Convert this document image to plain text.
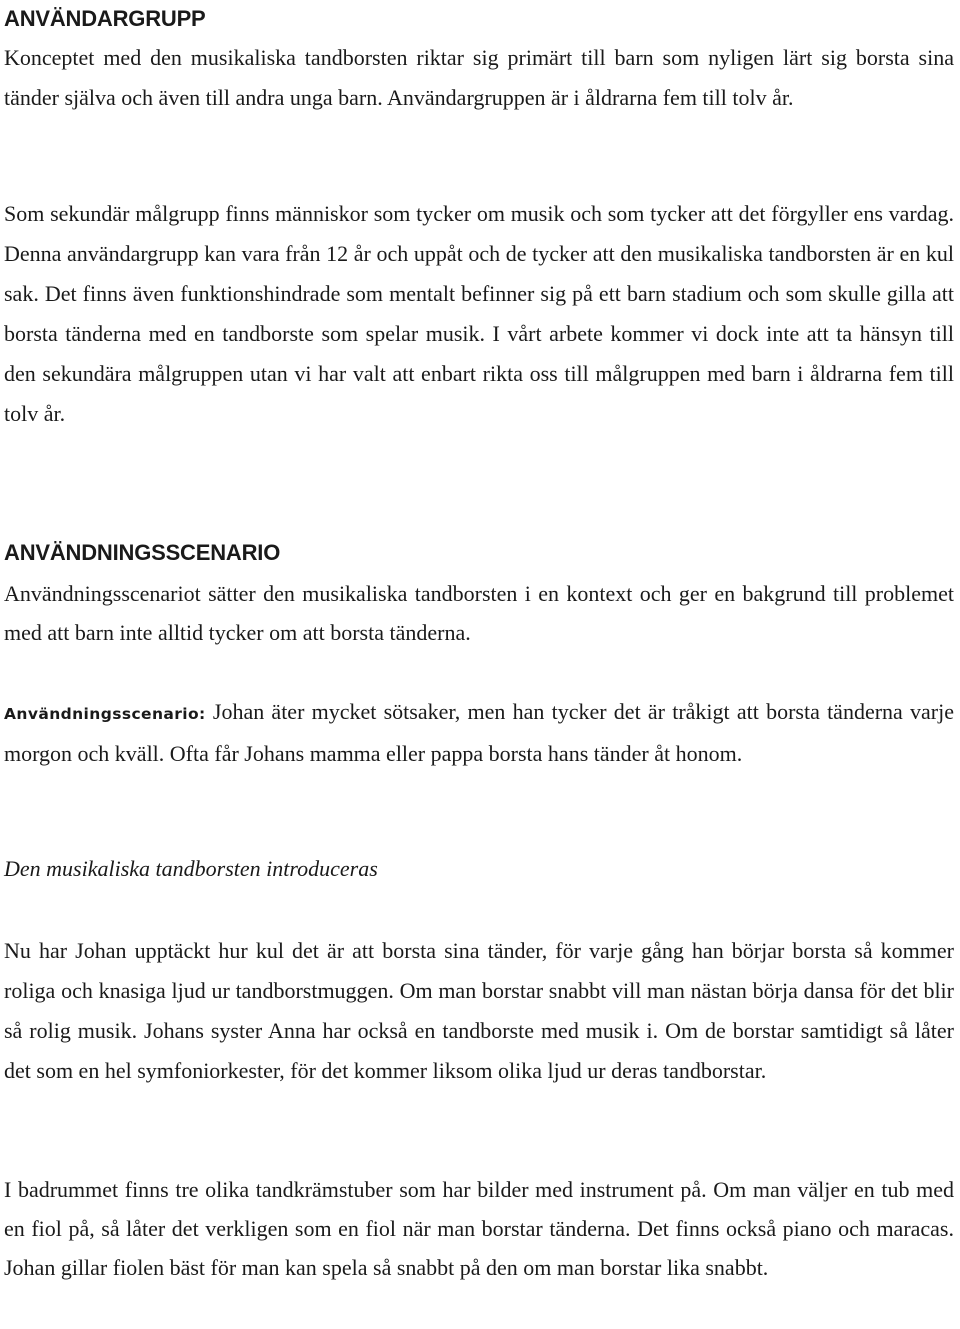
ANVÄNDARGRUPP

Konceptet med den musikaliska tandborsten riktar sig primärt till barn som nyligen lärt sig borsta sina tänder själva och även till andra unga barn. Användargruppen är i åldrarna fem till tolv år.

Som sekundär målgrupp finns människor som tycker om musik och som tycker att det förgyller ens vardag. Denna användargrupp kan vara från 12 år och uppåt och de tycker att den musikaliska tandborsten är en kul sak. Det finns även funktionshindrade som mentalt befinner sig på ett barn stadium och som skulle gilla att borsta tänderna med en tandborste som spelar musik. I vårt arbete kommer vi dock inte att ta hänsyn till den sekundära målgruppen utan vi har valt att enbart rikta oss till målgruppen med barn i åldrarna fem till tolv år.

ANVÄNDNINGSSCENARIO

Användningsscenariot sätter den musikaliska tandborsten i en kontext och ger en bakgrund till problemet med att barn inte alltid tycker om att borsta tänderna.

Användningsscenario: Johan äter mycket sötsaker, men han tycker det är tråkigt att borsta tänderna varje morgon och kväll. Ofta får Johans mamma eller pappa borsta hans tänder åt honom.

Den musikaliska tandborsten introduceras

Nu har Johan upptäckt hur kul det är att borsta sina tänder, för varje gång han börjar borsta så kommer roliga och knasiga ljud ur tandborstmuggen. Om man borstar snabbt vill man nästan börja dansa för det blir så rolig musik. Johans syster Anna har också en tandborste med musik i. Om de borstar samtidigt så låter det som en hel symfoniorkester, för det kommer liksom olika ljud ur deras tandborstar.

I badrummet finns tre olika tandkrämstuber som har bilder med instrument på. Om man väljer en tub med en fiol på, så låter det verkligen som en fiol när man borstar tänderna. Det finns också piano och maracas. Johan gillar fiolen bäst för man kan spela så snabbt på den om man borstar lika snabbt.
